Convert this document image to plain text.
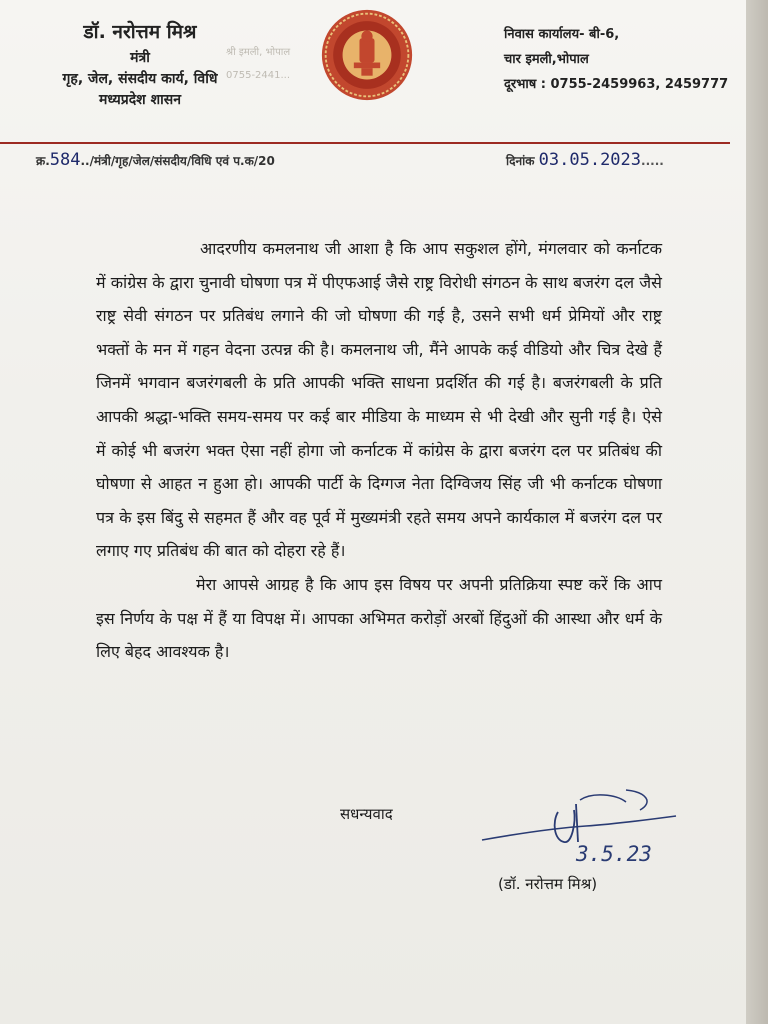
डॉ. नरोत्तम मिश्र
मंत्री
गृह, जेल, संसदीय कार्य, विधि
मध्यप्रदेश शासन
श्री इमली, भोपाल
0755-2441...
निवास कार्यालय- बी-6,
चार इमली,भोपाल
दूरभाष : 0755-2459963, 2459777
क्र.584../मंत्री/गृह/जेल/संसदीय/विधि एवं प.क/20	दिनांक 03.05.2023.....

आदरणीय कमलनाथ जी आशा है कि आप सकुशल होंगे, मंगलवार को कर्नाटक में कांग्रेस के द्वारा चुनावी घोषणा पत्र में पीएफआई जैसे राष्ट्र विरोधी संगठन के साथ बजरंग दल जैसे राष्ट्र सेवी संगठन पर प्रतिबंध लगाने की जो घोषणा की गई है, उसने सभी धर्म प्रेमियों और राष्ट्र भक्तों के मन में गहन वेदना उत्पन्न की है। कमलनाथ जी, मैंने आपके कई वीडियो और चित्र देखे हैं जिनमें भगवान बजरंगबली के प्रति आपकी भक्ति साधना प्रदर्शित की गई है। बजरंगबली के प्रति आपकी श्रद्धा-भक्ति समय-समय पर कई बार मीडिया के माध्यम से भी देखी और सुनी गई है। ऐसे में कोई भी बजरंग भक्त ऐसा नहीं होगा जो कर्नाटक में कांग्रेस के द्वारा बजरंग दल पर प्रतिबंध की घोषणा से आहत न हुआ हो। आपकी पार्टी के दिग्गज नेता दिग्विजय सिंह जी भी कर्नाटक घोषणा पत्र के इस बिंदु से सहमत हैं और वह पूर्व में मुख्यमंत्री रहते समय अपने कार्यकाल में बजरंग दल पर लगाए गए प्रतिबंध की बात को दोहरा रहे हैं।

मेरा आपसे आग्रह है कि आप इस विषय पर अपनी प्रतिक्रिया स्पष्ट करें कि आप इस निर्णय के पक्ष में हैं या विपक्ष में। आपका अभिमत करोड़ों अरबों हिंदुओं की आस्था और धर्म के लिए बेहद आवश्यक है।

सधन्यवाद
3.5.23
(डॉ. नरोत्तम मिश्र)
